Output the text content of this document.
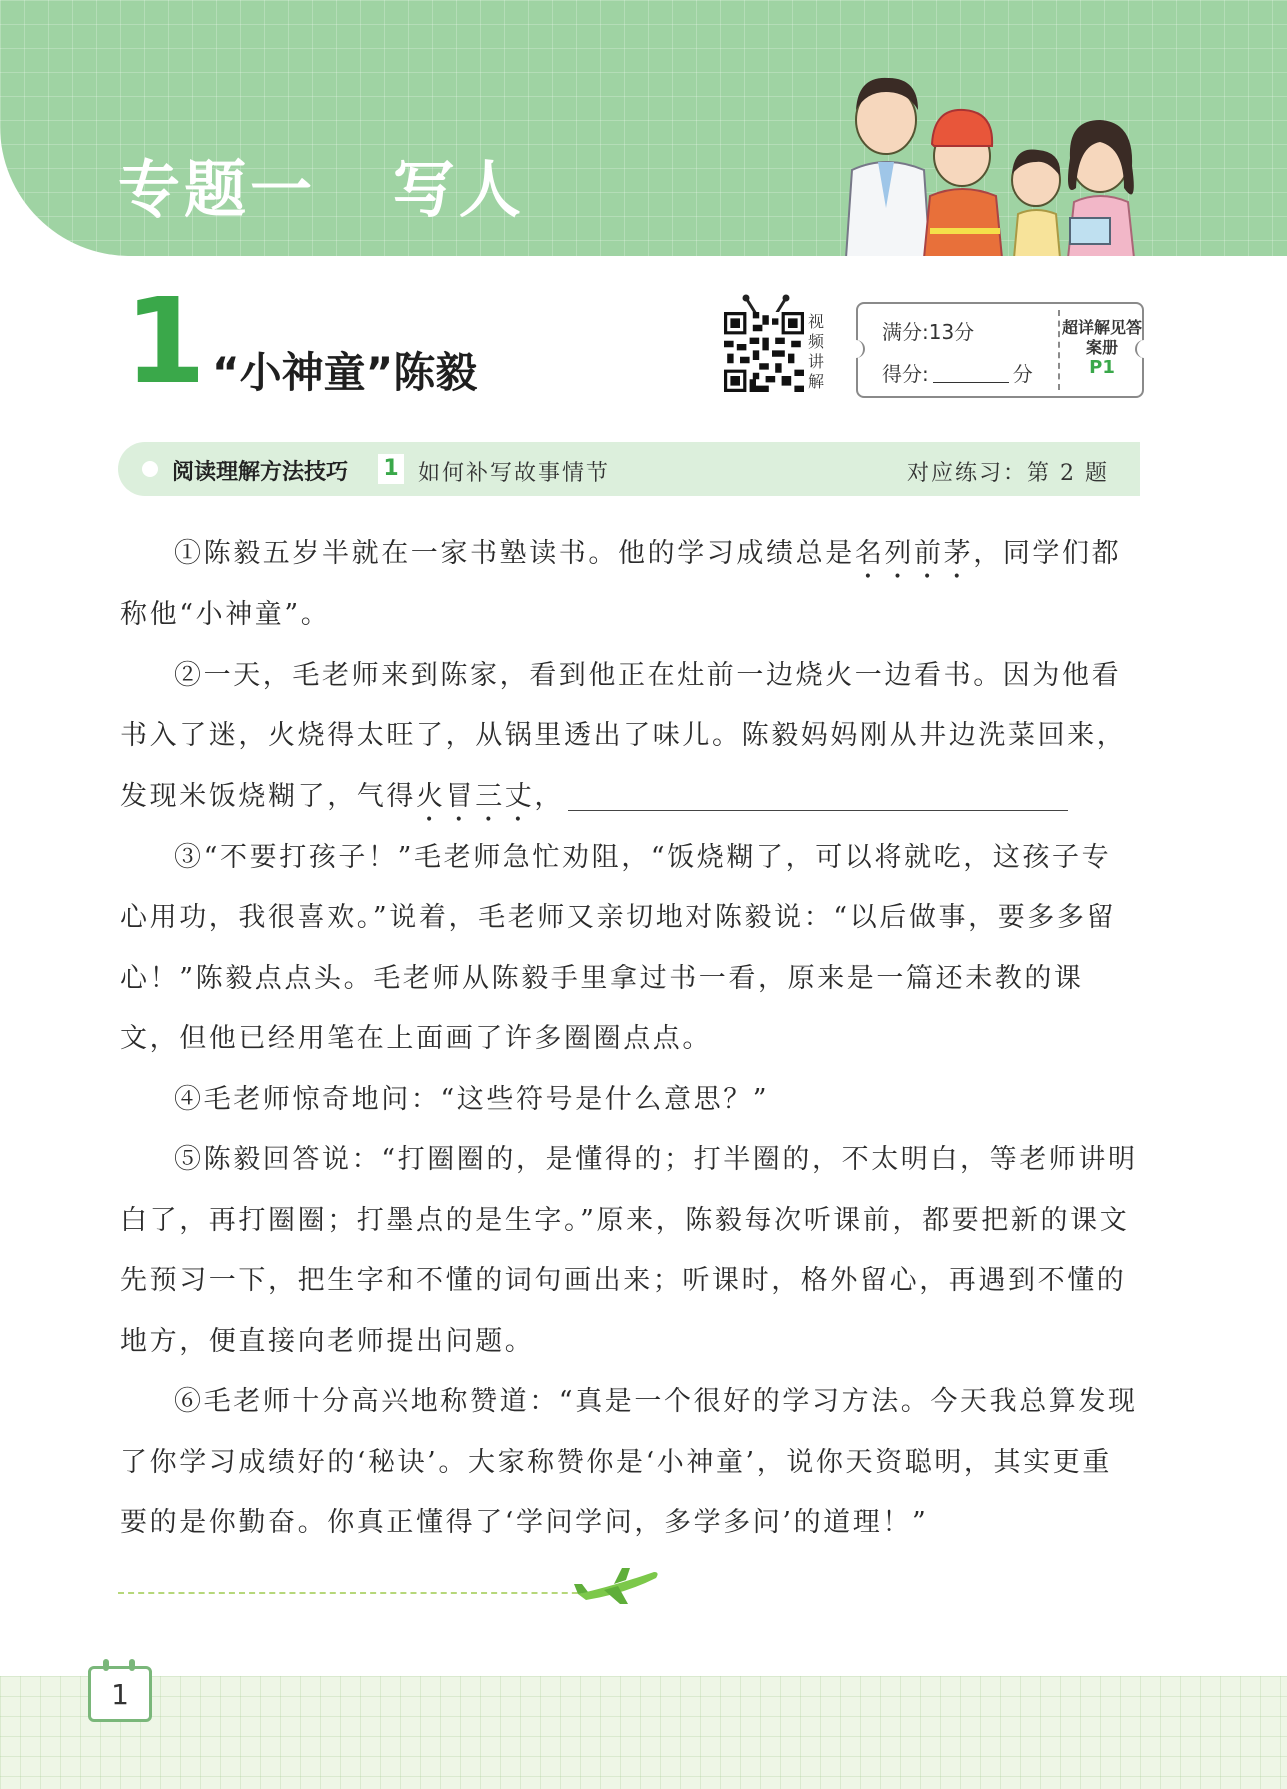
专题一   写人
1 “小神童”陈毅
视频讲解
满分:13分
得分:	分
超详解见答案册
P1
阅读理解方法技巧 1 如何补写故事情节	对应练习：第 2 题

①陈毅五岁半就在一家书塾读书。他的学习成绩总是名列前茅，同学们都称他“小神童”。

②一天，毛老师来到陈家，看到他正在灶前一边烧火一边看书。因为他看书入了迷，火烧得太旺了，从锅里透出了味儿。陈毅妈妈刚从井边洗菜回来，发现米饭烧糊了，气得火冒三丈，

③“不要打孩子！”毛老师急忙劝阻，“饭烧糊了，可以将就吃，这孩子专心用功，我很喜欢。”说着，毛老师又亲切地对陈毅说：“以后做事，要多多留心！”陈毅点点头。毛老师从陈毅手里拿过书一看，原来是一篇还未教的课文，但他已经用笔在上面画了许多圈圈点点。

④毛老师惊奇地问：“这些符号是什么意思？”

⑤陈毅回答说：“打圈圈的，是懂得的；打半圈的，不太明白，等老师讲明白了，再打圈圈；打墨点的是生字。”原来，陈毅每次听课前，都要把新的课文先预习一下，把生字和不懂的词句画出来；听课时，格外留心，再遇到不懂的地方，便直接向老师提出问题。

⑥毛老师十分高兴地称赞道：“真是一个很好的学习方法。今天我总算发现了你学习成绩好的‘秘诀’。大家称赞你是‘小神童’，说你天资聪明，其实更重要的是你勤奋。你真正懂得了‘学问学问，多学多问’的道理！”

1
